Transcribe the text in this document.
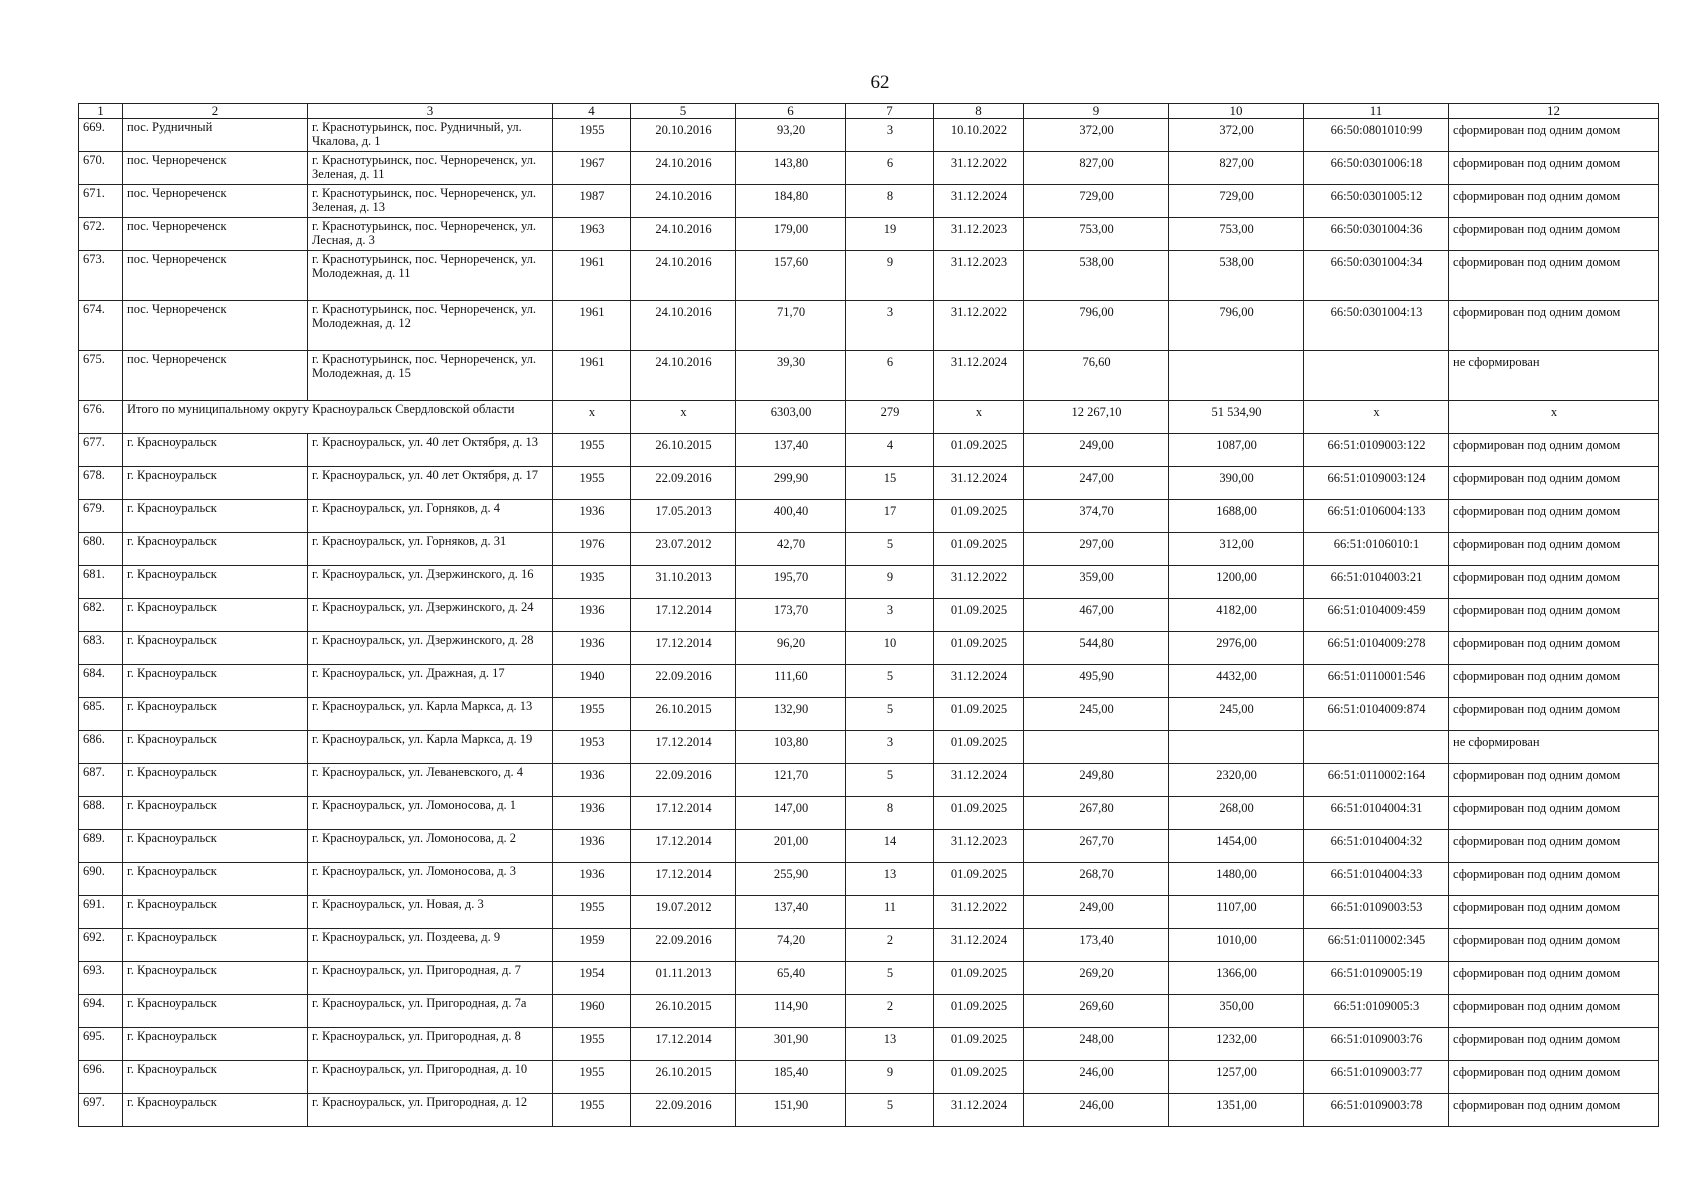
62
1	2	3	4	5	6	7	8	9	10	11	12
669.	пос. Рудничный	г. Краснотурьинск, пос. Рудничный, ул. Чкалова, д. 1	1955	20.10.2016	93,20	3	10.10.2022	372,00	372,00	66:50:0801010:99	сформирован под одним домом
670.	пос. Чернореченск	г. Краснотурьинск, пос. Чернореченск, ул. Зеленая, д. 11	1967	24.10.2016	143,80	6	31.12.2022	827,00	827,00	66:50:0301006:18	сформирован под одним домом
671.	пос. Чернореченск	г. Краснотурьинск, пос. Чернореченск, ул. Зеленая, д. 13	1987	24.10.2016	184,80	8	31.12.2024	729,00	729,00	66:50:0301005:12	сформирован под одним домом
672.	пос. Чернореченск	г. Краснотурьинск, пос. Чернореченск, ул. Лесная, д. 3	1963	24.10.2016	179,00	19	31.12.2023	753,00	753,00	66:50:0301004:36	сформирован под одним домом
673.	пос. Чернореченск	г. Краснотурьинск, пос. Чернореченск, ул. Молодежная, д. 11	1961	24.10.2016	157,60	9	31.12.2023	538,00	538,00	66:50:0301004:34	сформирован под одним домом
674.	пос. Чернореченск	г. Краснотурьинск, пос. Чернореченск, ул. Молодежная, д. 12	1961	24.10.2016	71,70	3	31.12.2022	796,00	796,00	66:50:0301004:13	сформирован под одним домом
675.	пос. Чернореченск	г. Краснотурьинск, пос. Чернореченск, ул. Молодежная, д. 15	1961	24.10.2016	39,30	6	31.12.2024	76,60			не сформирован
676.	Итого по муниципальному округу Красноуральск Свердловской области		х	х	6303,00	279	х	12 267,10	51 534,90	х	х
677.	г. Красноуральск	г. Красноуральск, ул. 40 лет Октября, д. 13	1955	26.10.2015	137,40	4	01.09.2025	249,00	1087,00	66:51:0109003:122	сформирован под одним домом
678.	г. Красноуральск	г. Красноуральск, ул. 40 лет Октября, д. 17	1955	22.09.2016	299,90	15	31.12.2024	247,00	390,00	66:51:0109003:124	сформирован под одним домом
679.	г. Красноуральск	г. Красноуральск, ул. Горняков, д. 4	1936	17.05.2013	400,40	17	01.09.2025	374,70	1688,00	66:51:0106004:133	сформирован под одним домом
680.	г. Красноуральск	г. Красноуральск, ул. Горняков, д. 31	1976	23.07.2012	42,70	5	01.09.2025	297,00	312,00	66:51:0106010:1	сформирован под одним домом
681.	г. Красноуральск	г. Красноуральск, ул. Дзержинского, д. 16	1935	31.10.2013	195,70	9	31.12.2022	359,00	1200,00	66:51:0104003:21	сформирован под одним домом
682.	г. Красноуральск	г. Красноуральск, ул. Дзержинского, д. 24	1936	17.12.2014	173,70	3	01.09.2025	467,00	4182,00	66:51:0104009:459	сформирован под одним домом
683.	г. Красноуральск	г. Красноуральск, ул. Дзержинского, д. 28	1936	17.12.2014	96,20	10	01.09.2025	544,80	2976,00	66:51:0104009:278	сформирован под одним домом
684.	г. Красноуральск	г. Красноуральск, ул. Дражная, д. 17	1940	22.09.2016	111,60	5	31.12.2024	495,90	4432,00	66:51:0110001:546	сформирован под одним домом
685.	г. Красноуральск	г. Красноуральск, ул. Карла Маркса, д. 13	1955	26.10.2015	132,90	5	01.09.2025	245,00	245,00	66:51:0104009:874	сформирован под одним домом
686.	г. Красноуральск	г. Красноуральск, ул. Карла Маркса, д. 19	1953	17.12.2014	103,80	3	01.09.2025				не сформирован
687.	г. Красноуральск	г. Красноуральск, ул. Леваневского, д. 4	1936	22.09.2016	121,70	5	31.12.2024	249,80	2320,00	66:51:0110002:164	сформирован под одним домом
688.	г. Красноуральск	г. Красноуральск, ул. Ломоносова, д. 1	1936	17.12.2014	147,00	8	01.09.2025	267,80	268,00	66:51:0104004:31	сформирован под одним домом
689.	г. Красноуральск	г. Красноуральск, ул. Ломоносова, д. 2	1936	17.12.2014	201,00	14	31.12.2023	267,70	1454,00	66:51:0104004:32	сформирован под одним домом
690.	г. Красноуральск	г. Красноуральск, ул. Ломоносова, д. 3	1936	17.12.2014	255,90	13	01.09.2025	268,70	1480,00	66:51:0104004:33	сформирован под одним домом
691.	г. Красноуральск	г. Красноуральск, ул. Новая, д. 3	1955	19.07.2012	137,40	11	31.12.2022	249,00	1107,00	66:51:0109003:53	сформирован под одним домом
692.	г. Красноуральск	г. Красноуральск, ул. Поздеева, д. 9	1959	22.09.2016	74,20	2	31.12.2024	173,40	1010,00	66:51:0110002:345	сформирован под одним домом
693.	г. Красноуральск	г. Красноуральск, ул. Пригородная, д. 7	1954	01.11.2013	65,40	5	01.09.2025	269,20	1366,00	66:51:0109005:19	сформирован под одним домом
694.	г. Красноуральск	г. Красноуральск, ул. Пригородная, д. 7а	1960	26.10.2015	114,90	2	01.09.2025	269,60	350,00	66:51:0109005:3	сформирован под одним домом
695.	г. Красноуральск	г. Красноуральск, ул. Пригородная, д. 8	1955	17.12.2014	301,90	13	01.09.2025	248,00	1232,00	66:51:0109003:76	сформирован под одним домом
696.	г. Красноуральск	г. Красноуральск, ул. Пригородная, д. 10	1955	26.10.2015	185,40	9	01.09.2025	246,00	1257,00	66:51:0109003:77	сформирован под одним домом
697.	г. Красноуральск	г. Красноуральск, ул. Пригородная, д. 12	1955	22.09.2016	151,90	5	31.12.2024	246,00	1351,00	66:51:0109003:78	сформирован под одним домом
